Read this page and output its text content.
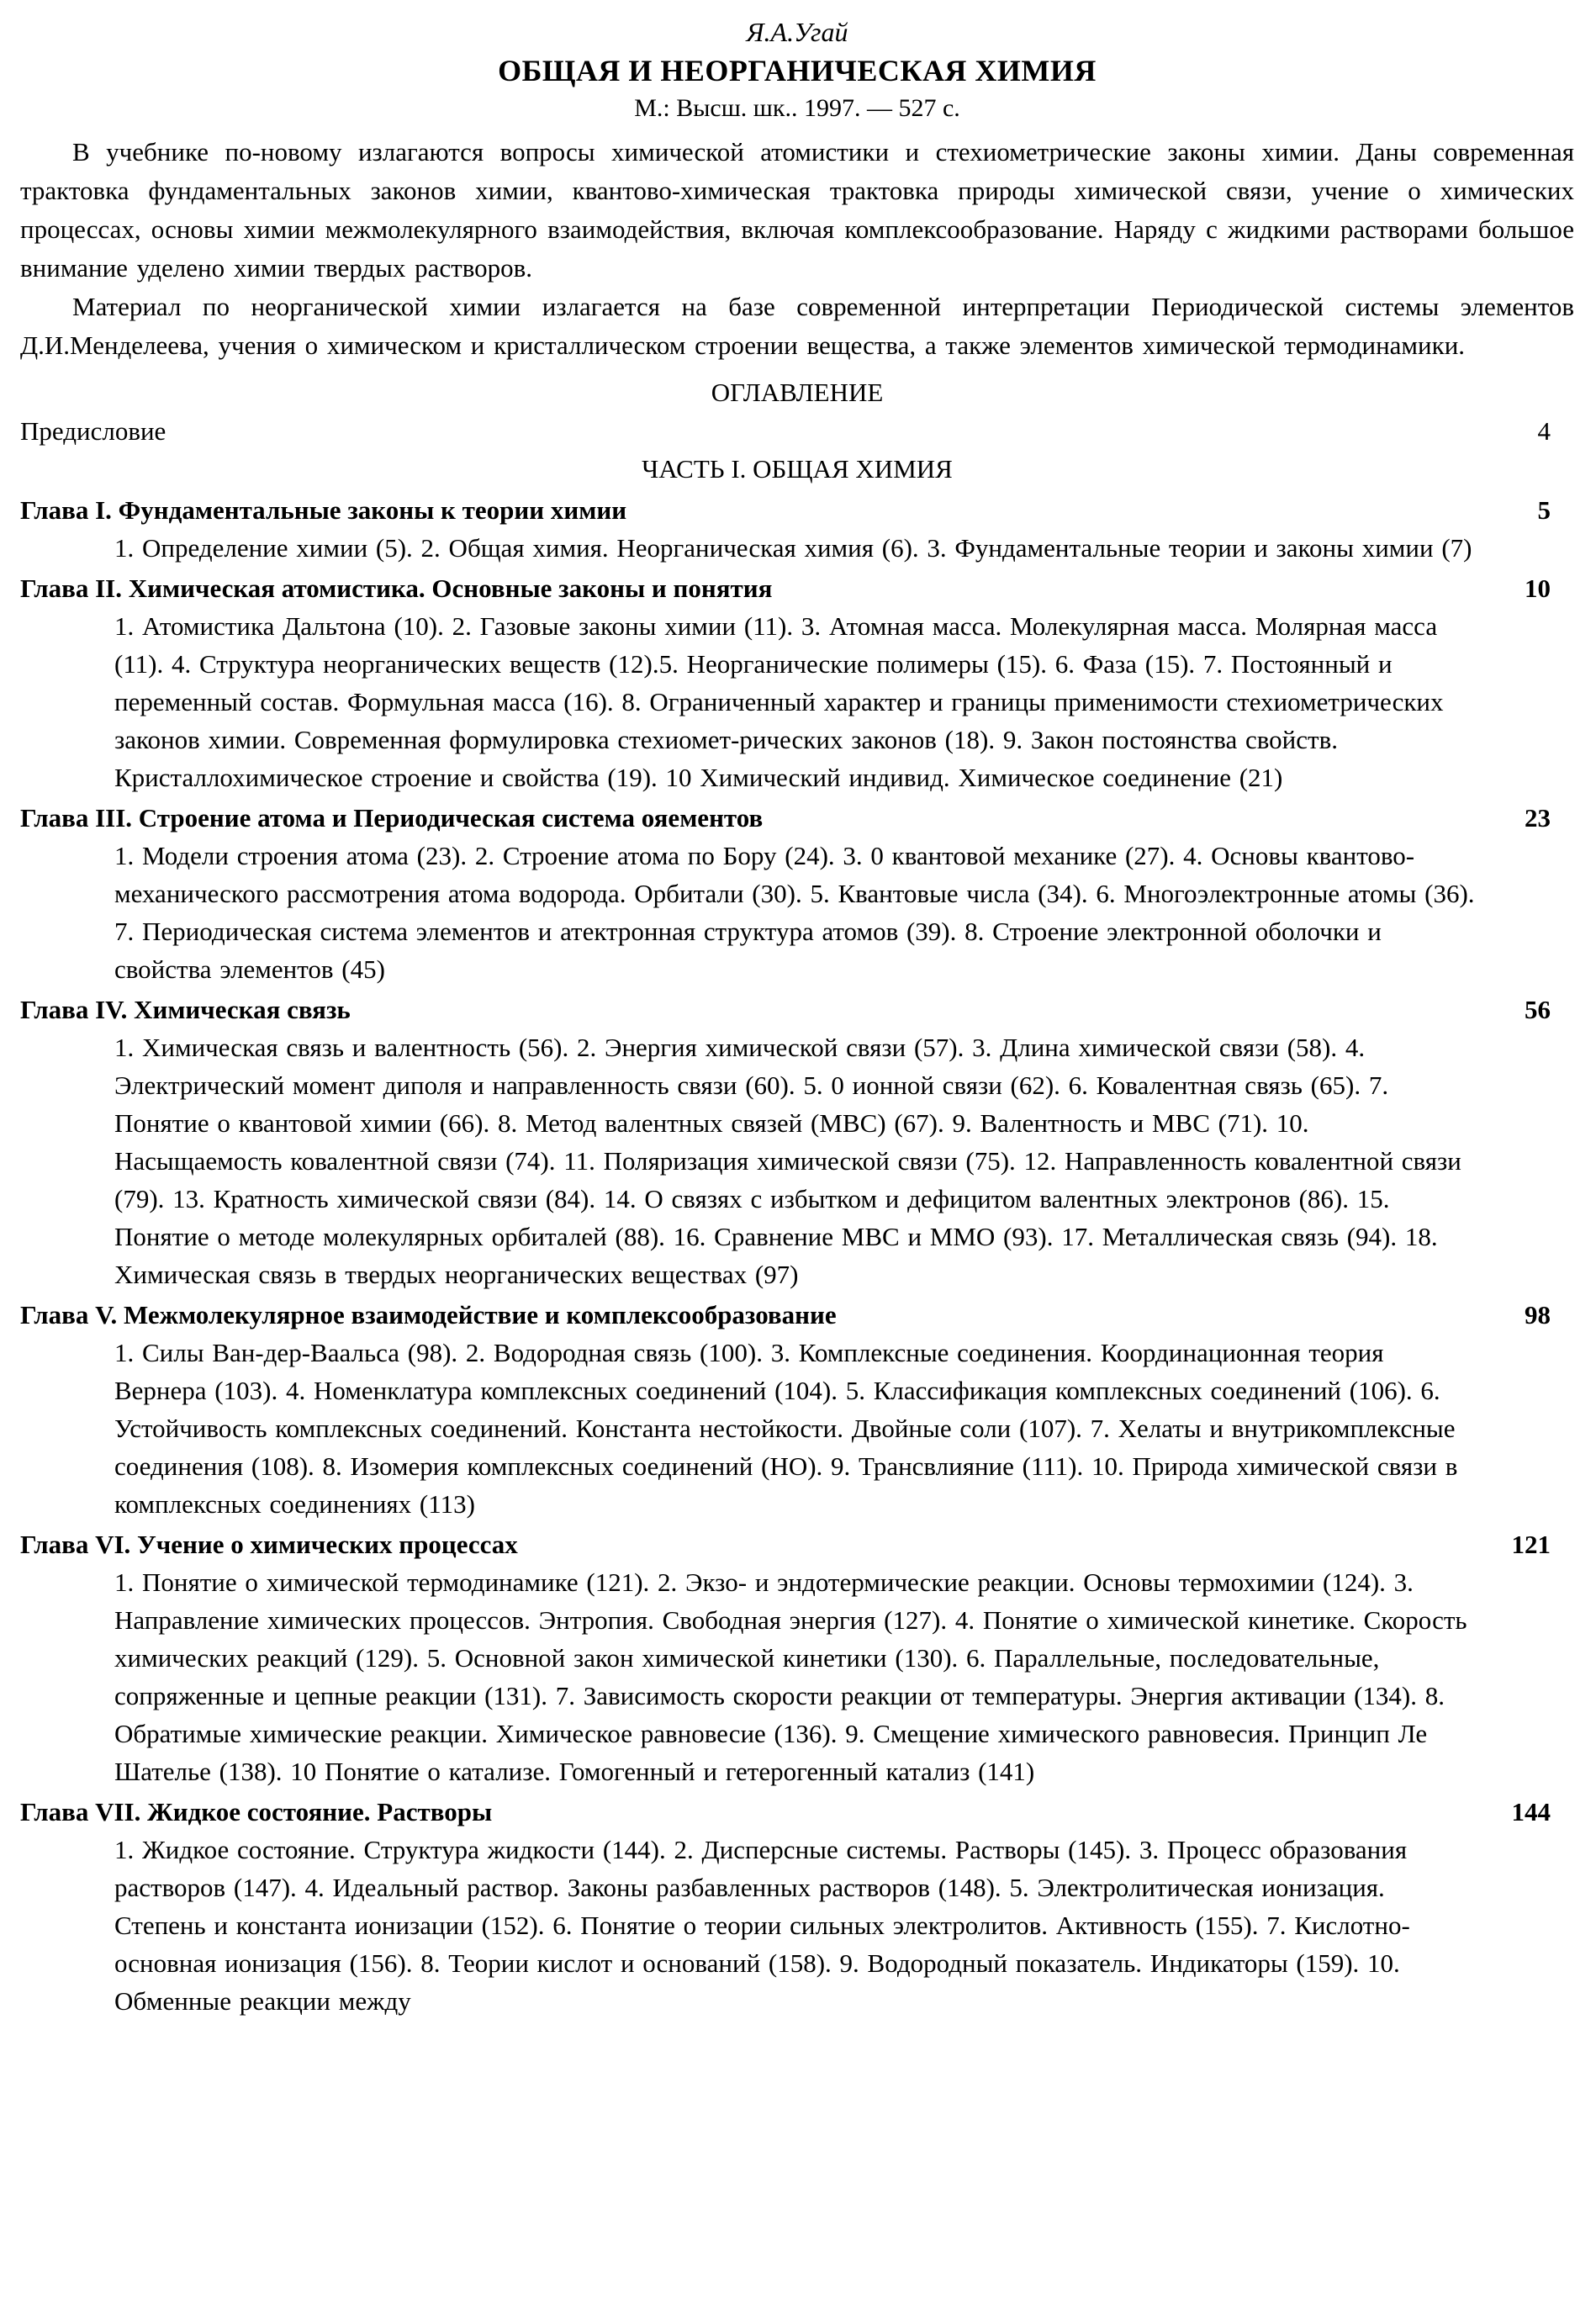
Я.А.Угай
ОБЩАЯ И НЕОРГАНИЧЕСКАЯ ХИМИЯ
М.: Высш. шк.. 1997. — 527 с.

В учебнике по-новому излагаются вопросы химической атомистики и стехиометрические законы химии. Даны современная трактовка фундаментальных законов химии, квантово-химическая трактовка природы химической связи, учение о химических процессах, основы химии межмолекулярного взаимодействия, включая комплексообразование. Наряду с жидкими растворами большое внимание уделено химии твердых растворов.

Материал по неорганической химии излагается на базе современной интерпретации Периодической системы элементов Д.И.Менделеева, учения о химическом и кристаллическом строении вещества, а также элементов химической термодинамики.

ОГЛАВЛЕНИЕ
Предисловие	4
ЧАСТЬ I. ОБЩАЯ ХИМИЯ
Глава I. Фундаментальные законы к теории химии	5
1. Определение химии (5). 2. Общая химия. Неорганическая химия (6). 3. Фундаментальные теории и законы химии (7)
Глава II. Химическая атомистика. Основные законы и понятия	10
1. Атомистика Дальтона (10). 2. Газовые законы химии (11). 3. Атомная масса. Молекулярная масса. Молярная масса (11). 4. Структура неорганических веществ (12).5. Неорганические полимеры (15). 6. Фаза (15). 7. Постоянный и переменный состав. Формульная масса (16). 8. Ограниченный характер и границы применимости стехиометрических законов химии. Современная формулировка стехиомет-рических законов (18). 9. Закон постоянства свойств. Кристаллохимическое строение и свойства (19). 10 Химический индивид. Химическое соединение (21)
Глава III. Строение атома и Периодическая система ояементов	23
1. Модели строения атома (23). 2. Строение атома по Бору (24). 3. 0 квантовой механике (27). 4. Основы квантово-механического рассмотрения атома водорода. Орбитали (30). 5. Квантовые числа (34). 6. Многоэлектронные атомы (36). 7. Периодическая система элементов и атектронная структура атомов (39). 8. Строение электронной оболочки и свойства элементов (45)
Глава IV. Химическая связь	56
1. Химическая связь и валентность (56). 2. Энергия химической связи (57). 3. Длина химической связи (58). 4. Электрический момент диполя и направленность связи (60). 5. 0 ионной связи (62). 6. Ковалентная связь (65). 7. Понятие о квантовой химии (66). 8. Метод валентных связей (МВС) (67). 9. Валентность и МВС (71). 10. Насыщаемость ковалентной связи (74). 11. Поляризация химической связи (75). 12. Направленность ковалентной связи (79). 13. Кратность химической связи (84). 14. О связях с избытком и дефицитом валентных электронов (86). 15. Понятие о методе молекулярных орбиталей (88). 16. Сравнение МВС и ММО (93). 17. Металлическая связь (94). 18. Химическая связь в твердых неорганических веществах (97)
Глава V. Межмолекулярное взаимодействие и комплексообразование	98
1. Силы Ван-дер-Ваальса (98). 2. Водородная связь (100). 3. Комплексные соединения. Координационная теория Вернера (103). 4. Номенклатура комплексных соединений (104). 5. Классификация комплексных соединений (106). 6. Устойчивость комплексных соединений. Константа нестойкости. Двойные соли (107). 7. Хелаты и внутрикомплексные соединения (108). 8. Изомерия комплексных соединений (НО). 9. Трансвлияние (111). 10. Природа химической связи в комплексных соединениях (113)
Глава VI. Учение о химических процессах	121
1. Понятие о химической термодинамике (121). 2. Экзо- и эндотермические реакции. Основы термохимии (124). 3. Направление химических процессов. Энтропия. Свободная энергия (127). 4. Понятие о химической кинетике. Скорость химических реакций (129). 5. Основной закон химической кинетики (130). 6. Параллельные, последовательные, сопряженные и цепные реакции (131). 7. Зависимость скорости реакции от температуры. Энергия активации (134). 8. Обратимые химические реакции. Химическое равновесие (136). 9. Смещение химического равновесия. Принцип Ле Шателье (138). 10 Понятие о катализе. Гомогенный и гетерогенный катализ (141)
Глава VII. Жидкое состояние. Растворы	144
1. Жидкое состояние. Структура жидкости (144). 2. Дисперсные системы. Растворы (145). 3. Процесс образования растворов (147). 4. Идеальный раствор. Законы разбавленных растворов (148). 5. Электролитическая ионизация. Степень и константа ионизации (152). 6. Понятие о теории сильных электролитов. Активность (155). 7. Кислотно-основная ионизация (156). 8. Теории кислот и оснований (158). 9. Водородный показатель. Индикаторы (159). 10. Обменные реакции между
